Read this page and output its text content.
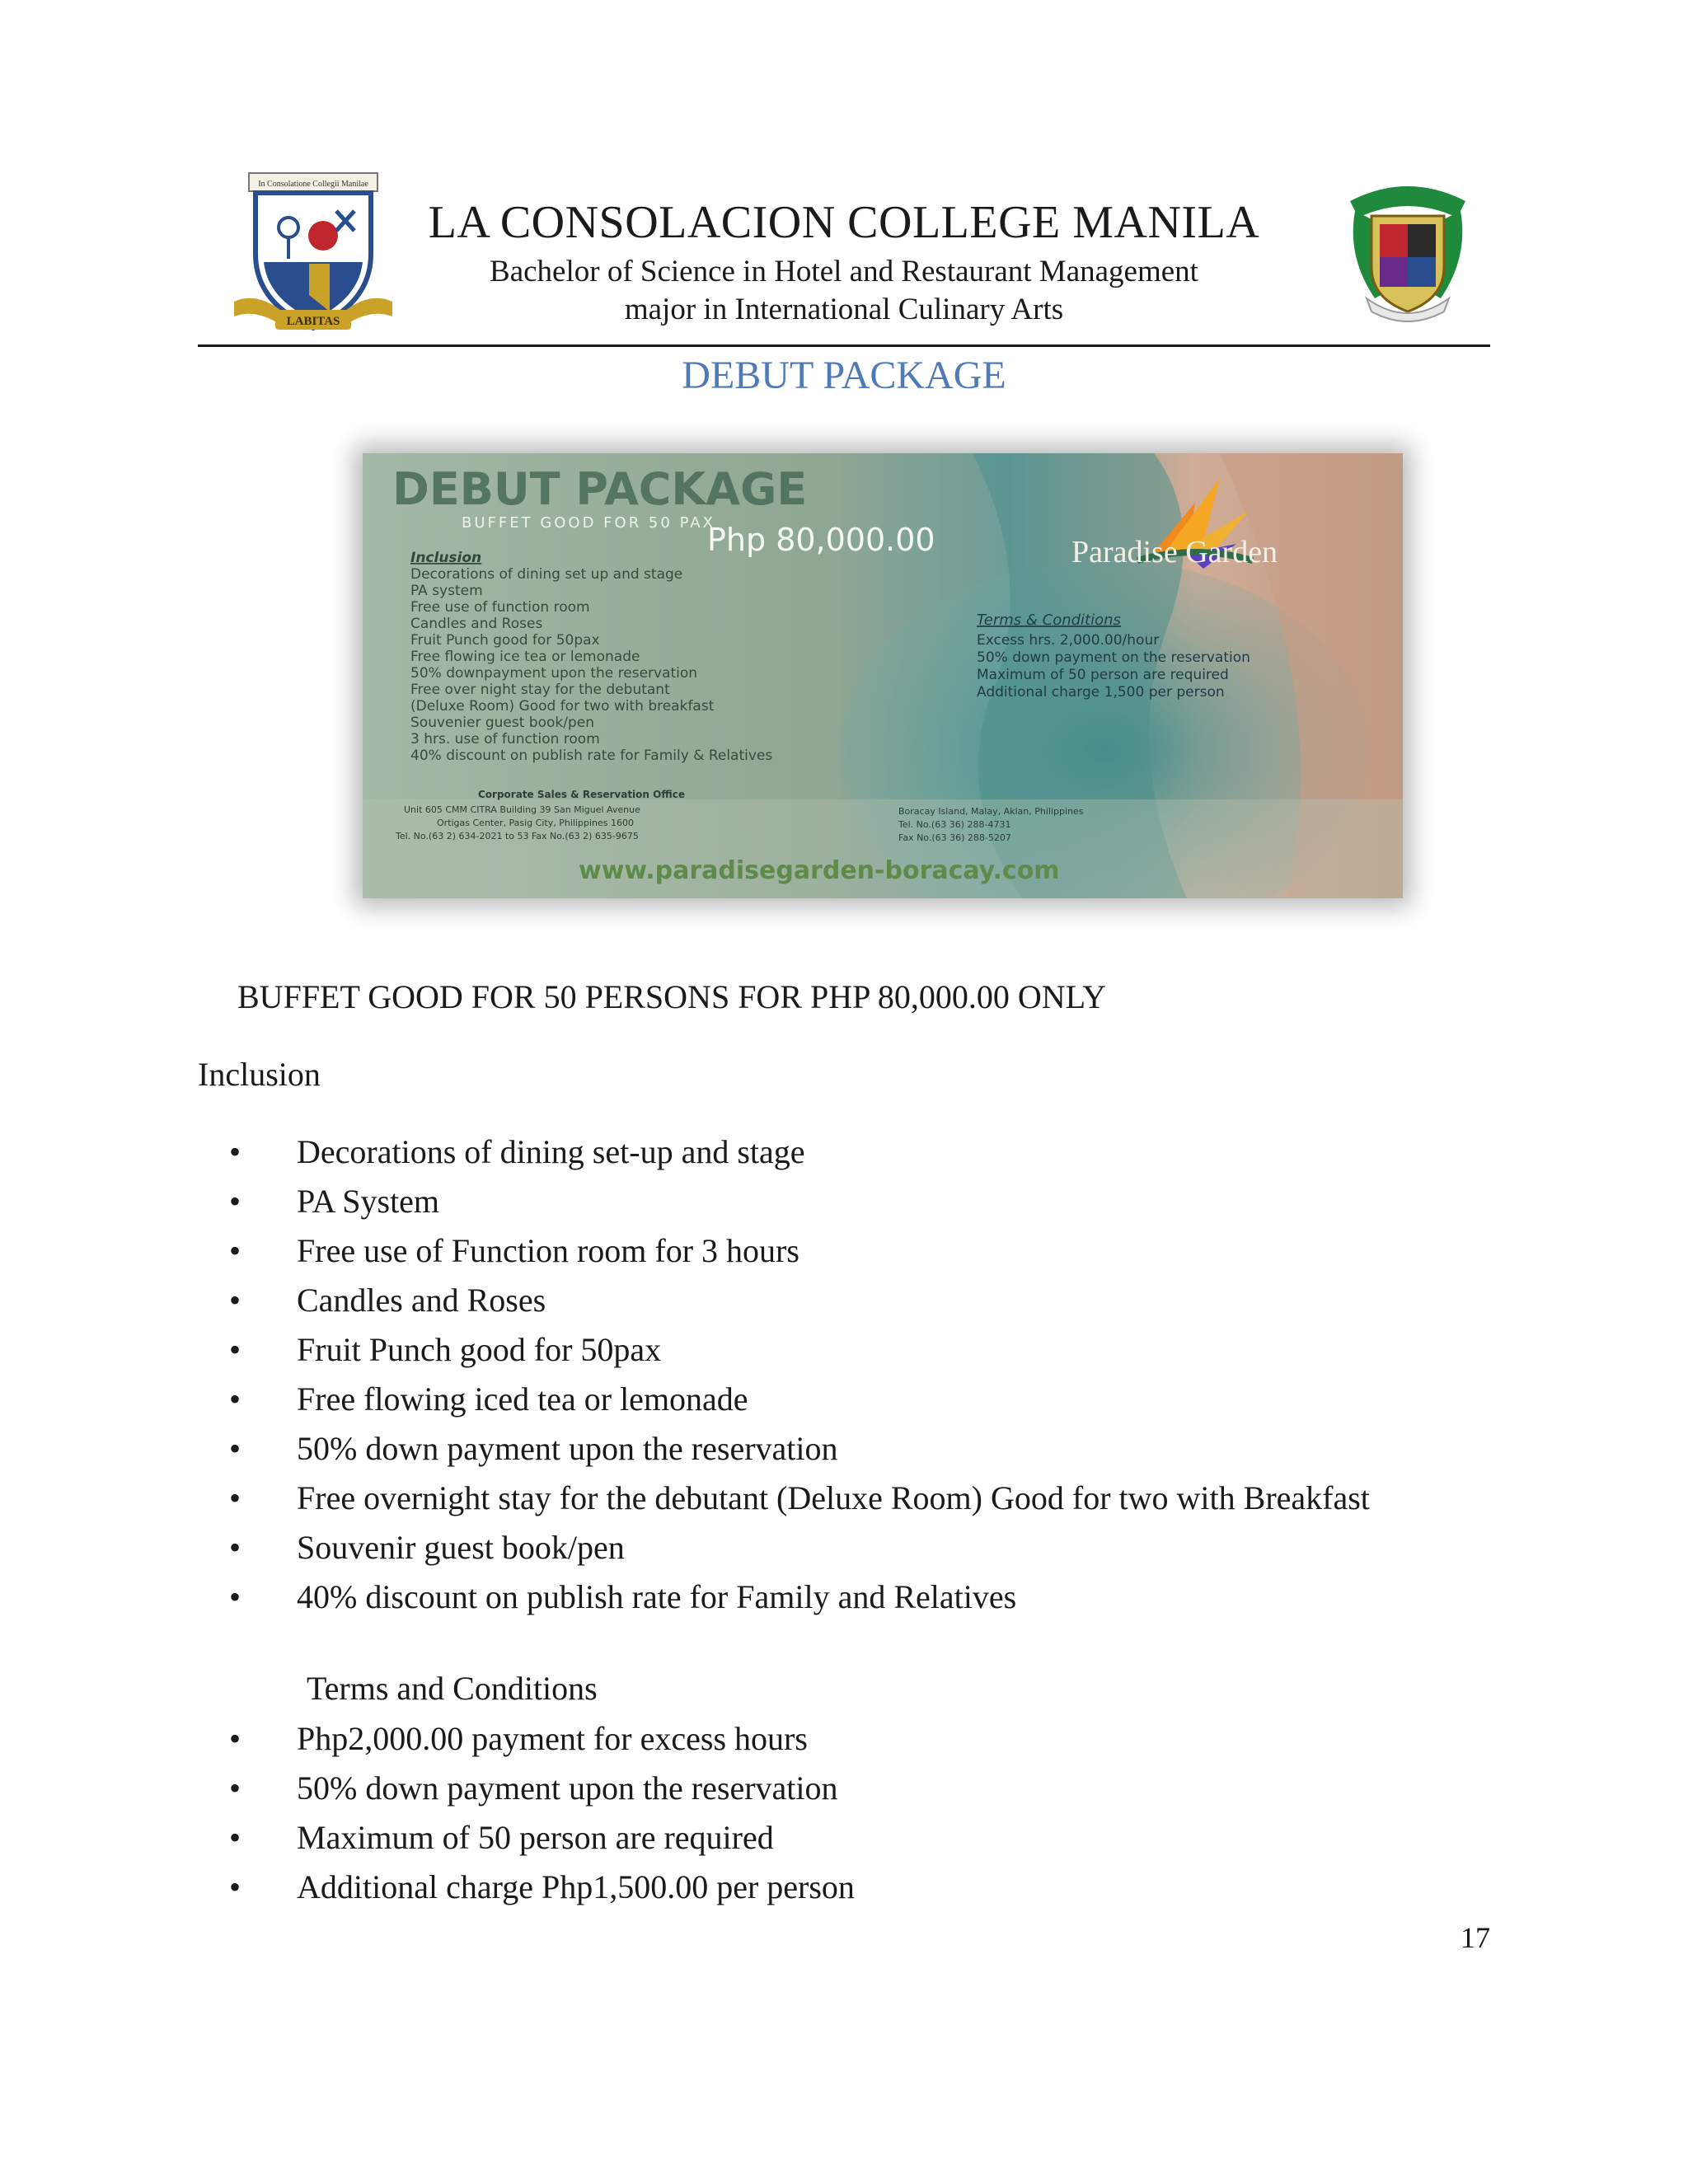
In Consolatione Collegii Manilae
LABITAS
LA CONSOLACION COLLEGE MANILA
Bachelor of Science in Hotel and Restaurant Management
major in International Culinary Arts
DEBUT PACKAGE
DEBUT PACKAGE
BUFFET GOOD FOR 50 PAX
Php 80,000.00
Inclusion
Decorations of dining set up and stage
PA system
Free use of function room
Candles and Roses
Fruit Punch good for 50pax
Free flowing ice tea or lemonade
50% downpayment upon the reservation
Free over night stay for the debutant
(Deluxe Room) Good for two with breakfast
Souvenier guest book/pen
3 hrs. use of function room
40% discount on publish rate for Family & Relatives
Paradise Garden
Terms & Conditions
Excess hrs. 2,000.00/hour
50% down payment on the reservation
Maximum of 50 person are required
Additional charge 1,500 per person
Corporate Sales & Reservation Office
Unit 605 CMM CITRA Building 39 San Miguel Avenue
Ortigas Center, Pasig City, Philippines 1600
Tel. No.(63 2) 634-2021 to 53 Fax No.(63 2) 635-9675
Boracay Island, Malay, Aklan, Philippines
Tel. No.(63 36) 288-4731
Fax No.(63 36) 288-5207
www.paradisegarden-boracay.com
BUFFET GOOD FOR 50 PERSONS FOR PHP 80,000.00 ONLY
Inclusion
• Decorations of dining set-up and stage
• PA System
• Free use of Function room for 3 hours
• Candles and Roses
• Fruit Punch good for 50pax
• Free flowing iced tea or lemonade
• 50% down payment upon the reservation
• Free overnight stay for the debutant (Deluxe Room) Good for two with Breakfast
• Souvenir guest book/pen
• 40% discount on publish rate for Family and Relatives
Terms and Conditions
• Php2,000.00 payment for excess hours
• 50% down payment upon the reservation
• Maximum of 50 person are required
• Additional charge Php1,500.00 per person
17
